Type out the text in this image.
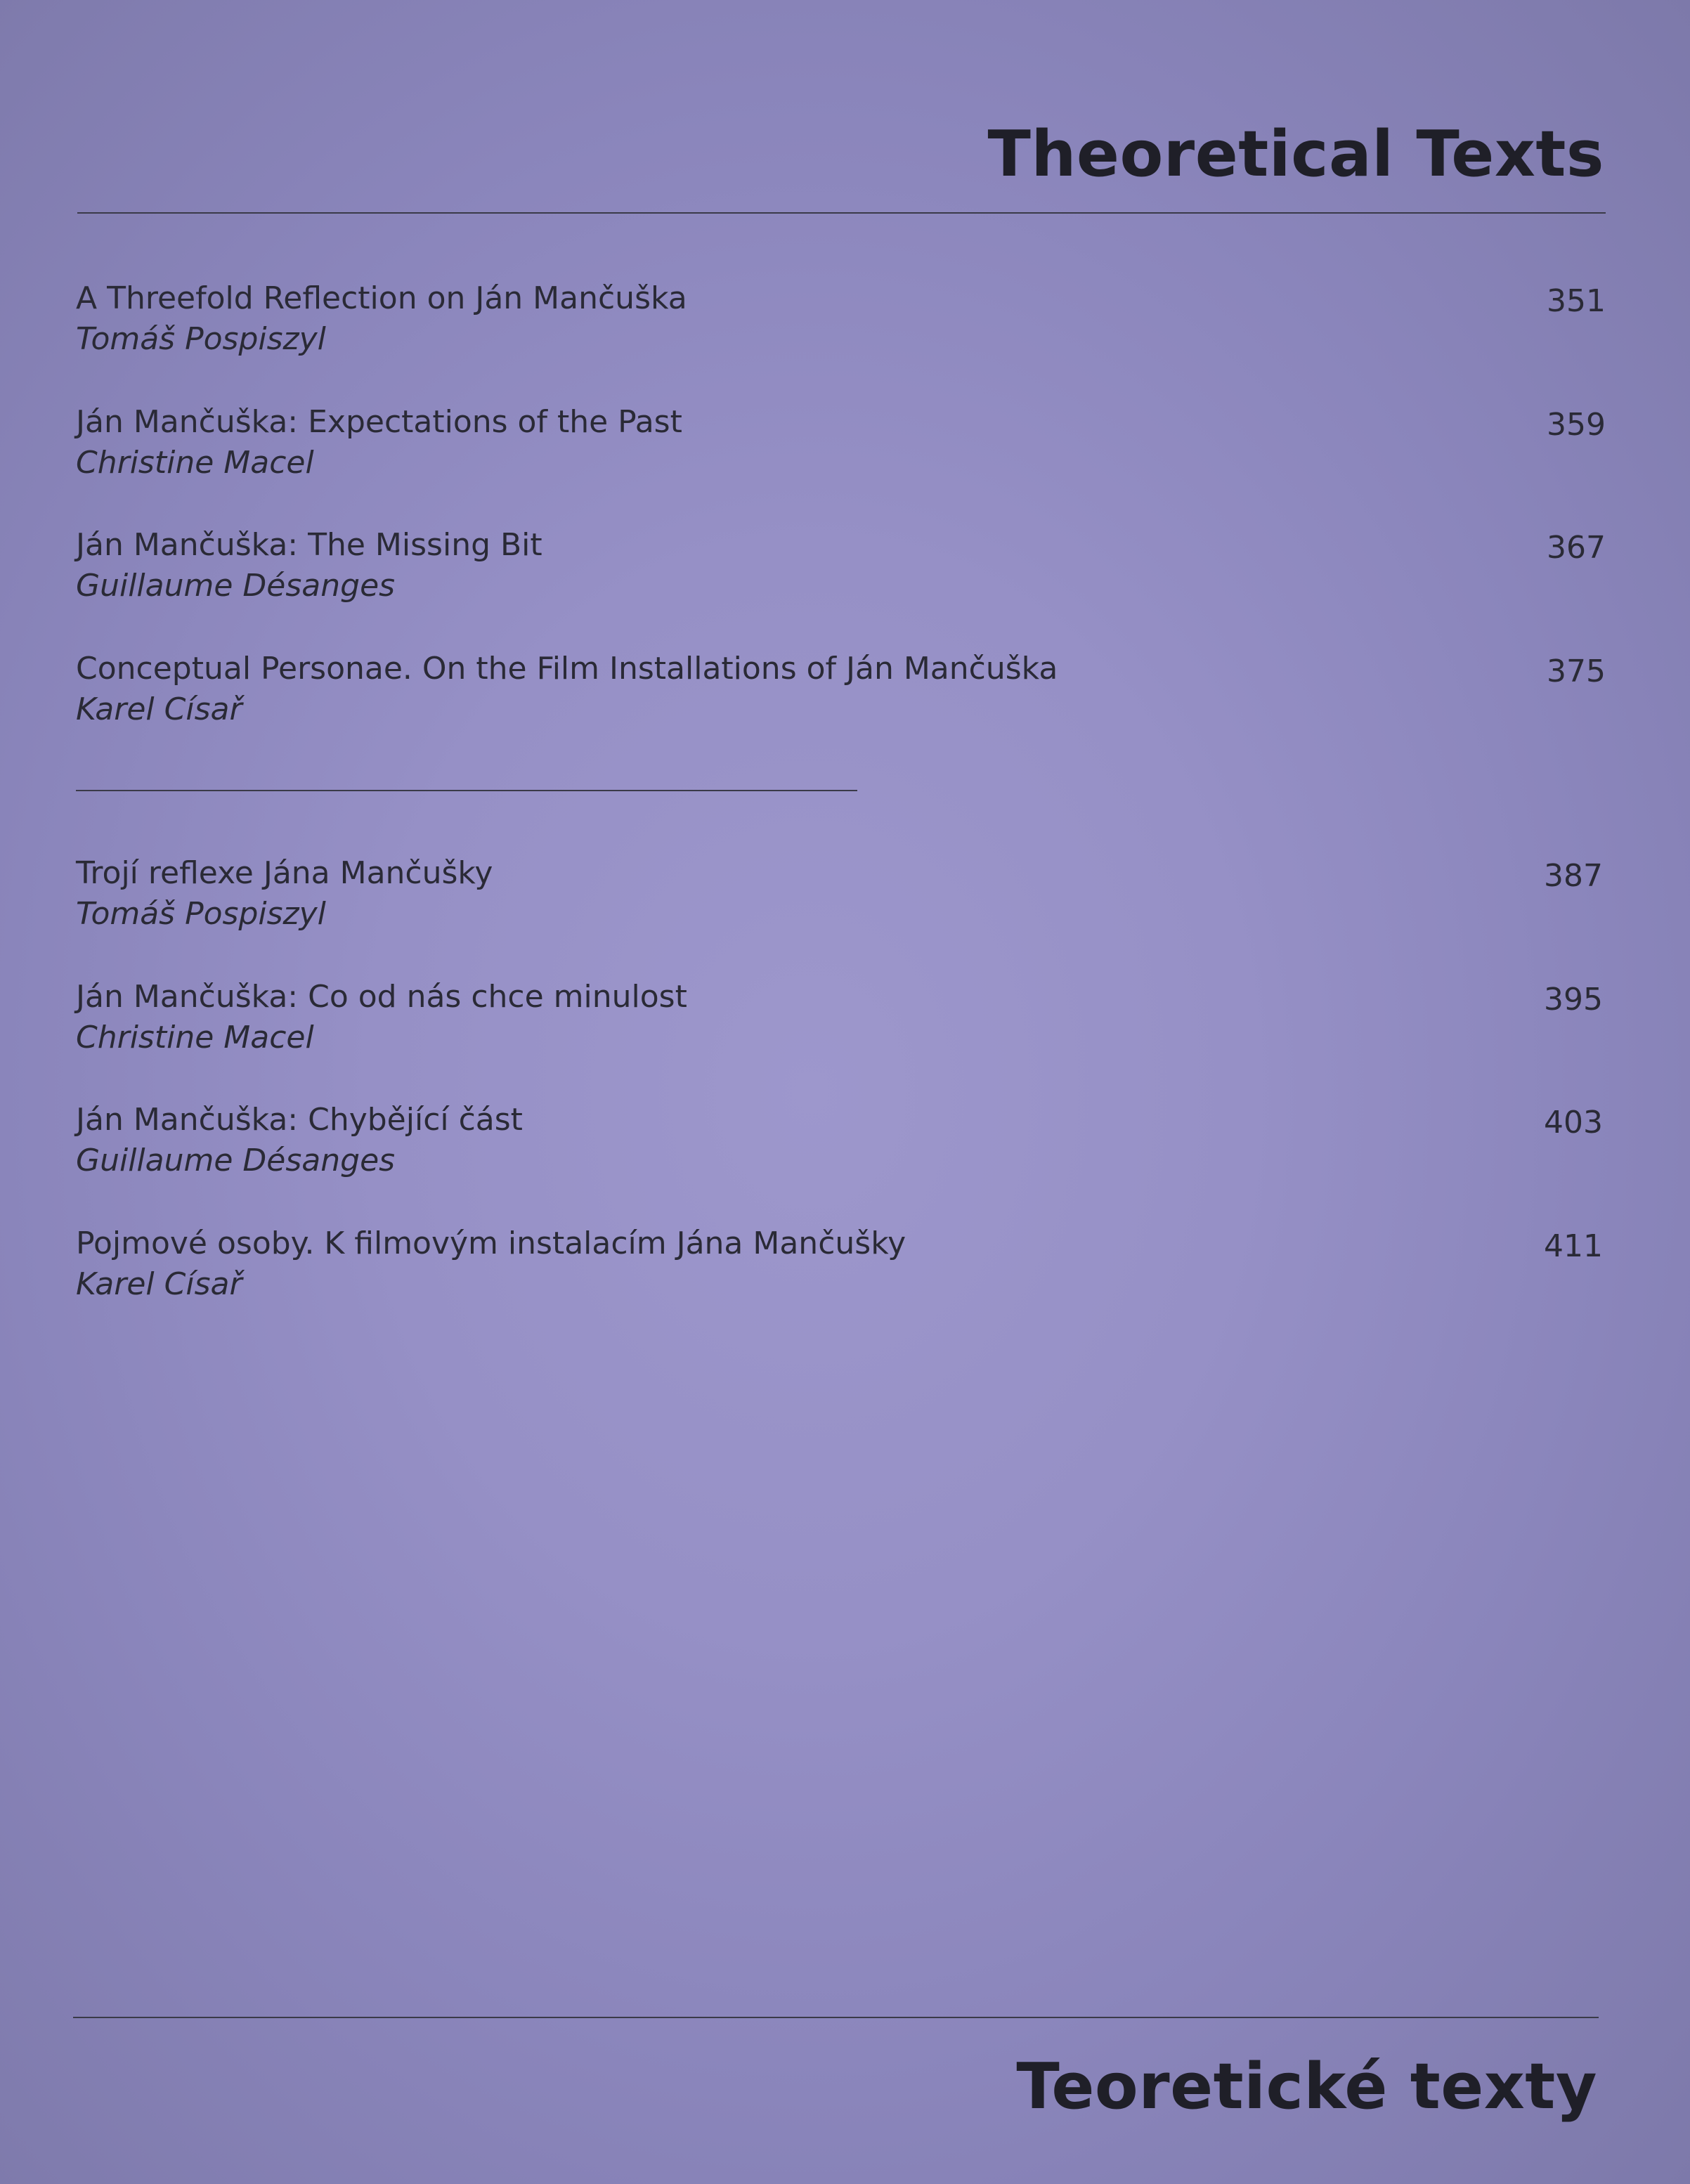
Theoretical Texts
A Threefold Reflection on Ján Mančuška
Tomáš Pospiszyl
351
Ján Mančuška: Expectations of the Past
Christine Macel
359
Ján Mančuška: The Missing Bit
Guillaume Désanges
367
Conceptual Personae. On the Film Installations of Ján Mančuška
Karel Císař
375
Trojí reflexe Jána Mančušky
Tomáš Pospiszyl
387
Ján Mančuška: Co od nás chce minulost
Christine Macel
395
Ján Mančuška: Chybějící část
Guillaume Désanges
403
Pojmové osoby. K filmovým instalacím Jána Mančušky
Karel Císař
411
Teoretické texty
